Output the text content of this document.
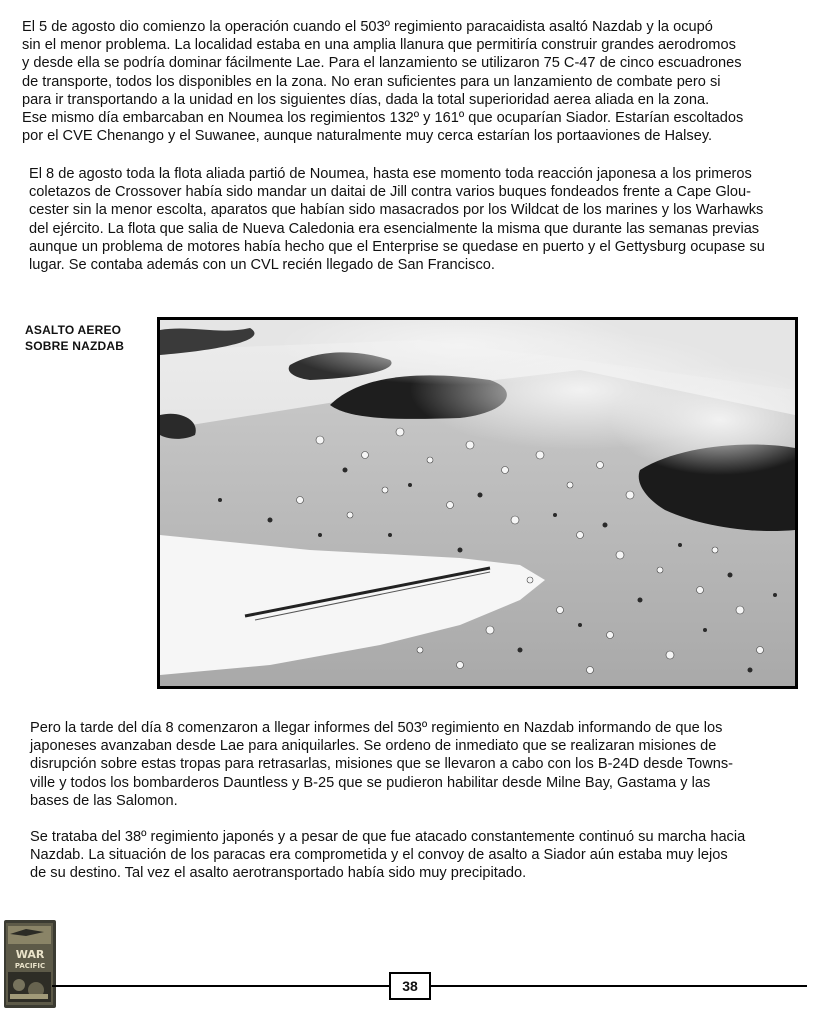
El 5 de agosto dio comienzo la operación cuando el 503º regimiento paracaidista asaltó Nazdab y la ocupó
sin el menor problema. La localidad estaba en una amplia llanura que permitiría construir grandes aerodromos
y desde ella se podría dominar fácilmente Lae. Para el lanzamiento se utilizaron 75 C-47 de cinco escuadrones
de transporte, todos los disponibles en la zona. No eran suficientes para un lanzamiento de combate pero si
para ir transportando a la unidad en los siguientes días, dada la total superioridad aerea aliada en la zona.
Ese mismo día embarcaban en Noumea los regimientos 132º y 161º que ocuparían Siador. Estarían escoltados
por el CVE Chenango y el Suwanee, aunque naturalmente muy cerca estarían los portaaviones de Halsey.
El 8 de agosto toda la flota aliada partió de Noumea, hasta ese momento toda reacción japonesa a los primeros
coletazos de Crossover había sido mandar un daitai de Jill contra varios buques fondeados frente a Cape Glou-
cester sin la menor escolta, aparatos que habían sido masacrados por los Wildcat de los marines y los Warhawks
del ejército. La flota que salia de Nueva Caledonia era esencialmente la misma que durante las semanas previas
aunque un problema de motores había hecho que el Enterprise se quedase en puerto y el Gettysburg ocupase su
lugar. Se contaba además con un CVL recién llegado de San Francisco.
ASALTO AEREO
SOBRE NAZDAB
Pero la tarde del día 8 comenzaron a llegar informes del 503º regimiento en Nazdab informando de que los
japoneses avanzaban desde Lae para aniquilarles. Se ordeno de inmediato que se realizaran misiones de
disrupción sobre estas tropas para retrasarlas, misiones que se llevaron a cabo con los B-24D desde Towns-
ville y todos los bombarderos Dauntless y B-25 que se pudieron habilitar desde Milne Bay, Gastama y las
bases de las Salomon.
Se trataba del 38º regimiento japonés y a pesar de que fue atacado constantemente continuó su marcha hacia
Nazdab. La situación de los paracas era comprometida y el convoy de asalto a Siador aún estaba muy lejos
de su destino. Tal vez el asalto aerotransportado había sido muy precipitado.
WAR
PACIFIC
38
